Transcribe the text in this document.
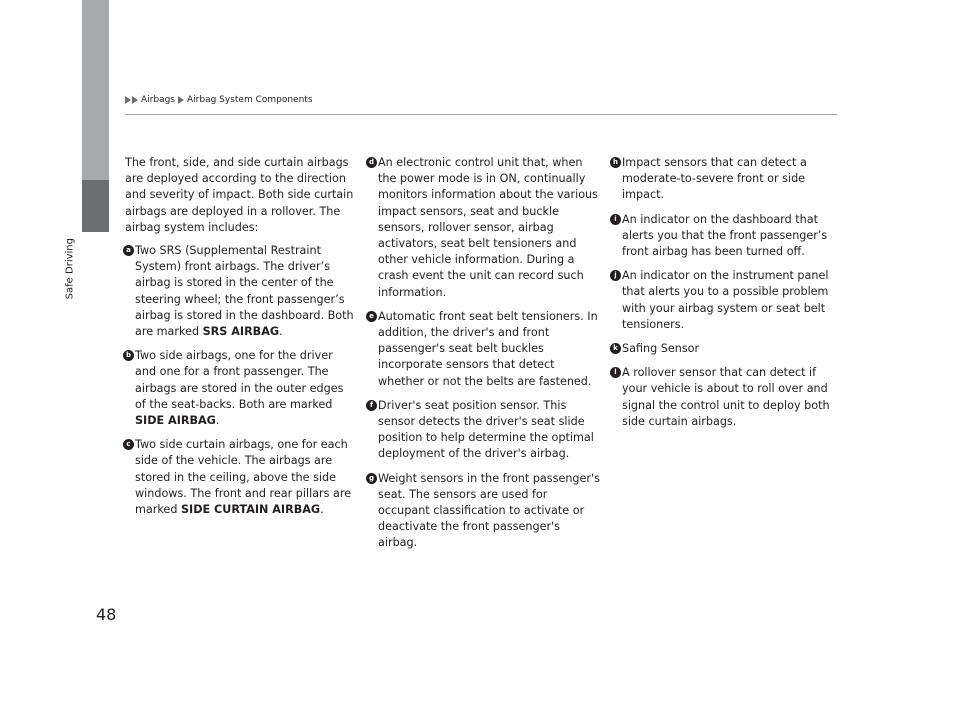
Safe Driving
Airbags Airbag System Components

The front, side, and side curtain airbags are deployed according to the direction and severity of impact. Both side curtain airbags are deployed in a rollover. The airbag system includes:

a Two SRS (Supplemental Restraint System) front airbags. The driver’s airbag is stored in the center of the steering wheel; the front passenger’s airbag is stored in the dashboard. Both are marked SRS AIRBAG.
b Two side airbags, one for the driver and one for a front passenger. The airbags are stored in the outer edges of the seat-backs. Both are marked SIDE AIRBAG.
c Two side curtain airbags, one for each side of the vehicle. The airbags are stored in the ceiling, above the side windows. The front and rear pillars are marked SIDE CURTAIN AIRBAG.
d An electronic control unit that, when the power mode is in ON, continually monitors information about the various impact sensors, seat and buckle sensors, rollover sensor, airbag activators, seat belt tensioners and other vehicle information. During a crash event the unit can record such information.
e Automatic front seat belt tensioners. In addition, the driver's and front passenger's seat belt buckles incorporate sensors that detect whether or not the belts are fastened.
f Driver's seat position sensor. This sensor detects the driver's seat slide position to help determine the optimal deployment of the driver's airbag.
g Weight sensors in the front passenger's seat. The sensors are used for occupant classification to activate or deactivate the front passenger's airbag.
h Impact sensors that can detect a moderate-to-severe front or side impact.
i An indicator on the dashboard that alerts you that the front passenger’s front airbag has been turned off.
j An indicator on the instrument panel that alerts you to a possible problem with your airbag system or seat belt tensioners.
k Safing Sensor
l A rollover sensor that can detect if your vehicle is about to roll over and signal the control unit to deploy both side curtain airbags.
48
